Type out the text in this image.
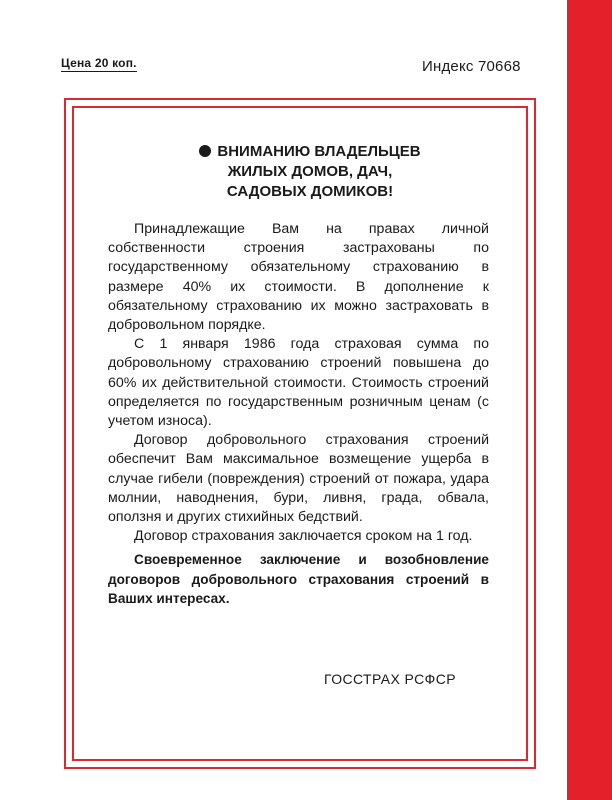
Цена 20 коп.	Индекс 70668
ВНИМАНИЮ ВЛАДЕЛЬЦЕВ
ЖИЛЫХ ДОМОВ, ДАЧ,
САДОВЫХ ДОМИКОВ!

Принадлежащие Вам на правах личной собственности строения застрахованы по государственному обязательному страхованию в размере 40% их стоимости. В дополнение к обязательному страхованию их можно застраховать в добровольном порядке.

С 1 января 1986 года страховая сумма по добровольному страхованию строений повышена до 60% их действительной стоимости. Стоимость строений определяется по государственным розничным ценам (с учетом износа).

Договор добровольного страхования строений обеспечит Вам максимальное возмещение ущерба в случае гибели (повреждения) строений от пожара, удара молнии, наводнения, бури, ливня, града, обвала, оползня и других стихийных бедствий.

Договор страхования заключается сроком на 1 год.

Своевременное заключение и возобновление договоров добровольного страхования строений в Ваших интересах.

ГОССТРАХ РСФСР
